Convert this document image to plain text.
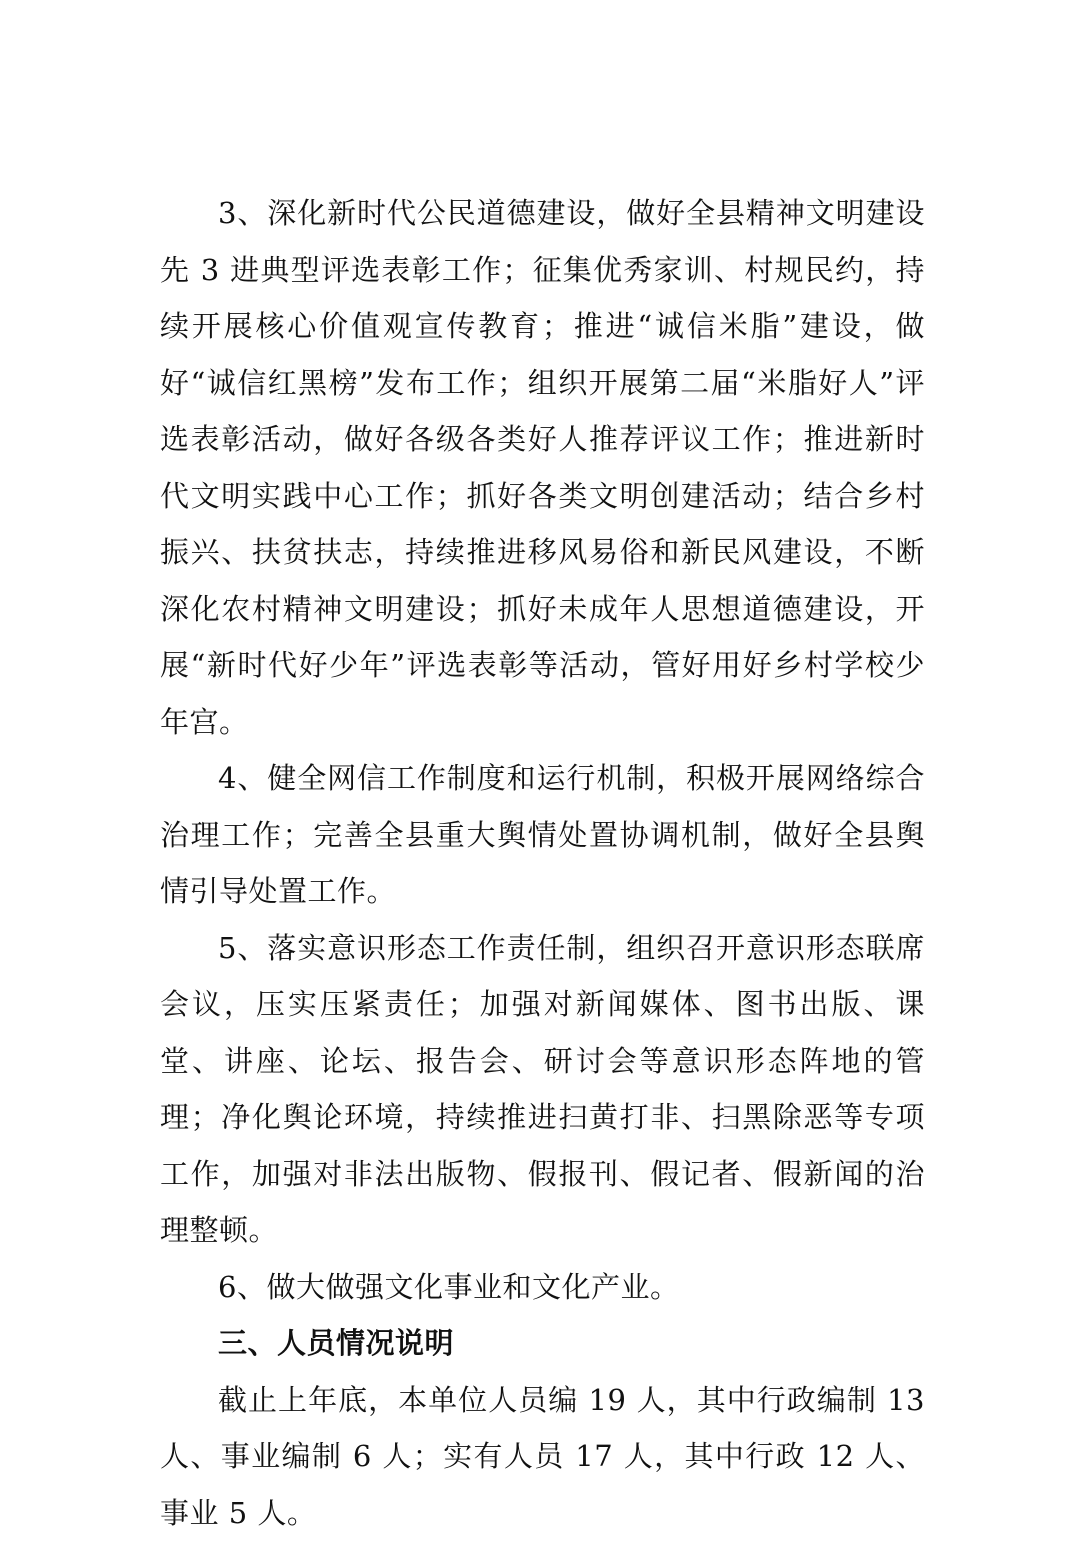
3、深化新时代公民道德建设，做好全县精神文明建设先 3 进典型评选表彰工作；征集优秀家训、村规民约，持续开展核心价值观宣传教育；推进“诚信米脂”建设，做好“诚信红黑榜”发布工作；组织开展第二届“米脂好人”评选表彰活动，做好各级各类好人推荐评议工作；推进新时代文明实践中心工作；抓好各类文明创建活动；结合乡村振兴、扶贫扶志，持续推进移风易俗和新民风建设，不断深化农村精神文明建设；抓好未成年人思想道德建设，开展“新时代好少年”评选表彰等活动，管好用好乡村学校少年宫。

4、健全网信工作制度和运行机制，积极开展网络综合治理工作；完善全县重大舆情处置协调机制，做好全县舆情引导处置工作。

5、落实意识形态工作责任制，组织召开意识形态联席会议，压实压紧责任；加强对新闻媒体、图书出版、课堂、讲座、论坛、报告会、研讨会等意识形态阵地的管理；净化舆论环境，持续推进扫黄打非、扫黑除恶等专项工作，加强对非法出版物、假报刊、假记者、假新闻的治理整顿。

6、做大做强文化事业和文化产业。

三、人员情况说明

截止上年底，本单位人员编 19 人，其中行政编制 13 人、事业编制 6 人；实有人员 17 人，其中行政 12 人、事业 5 人。
